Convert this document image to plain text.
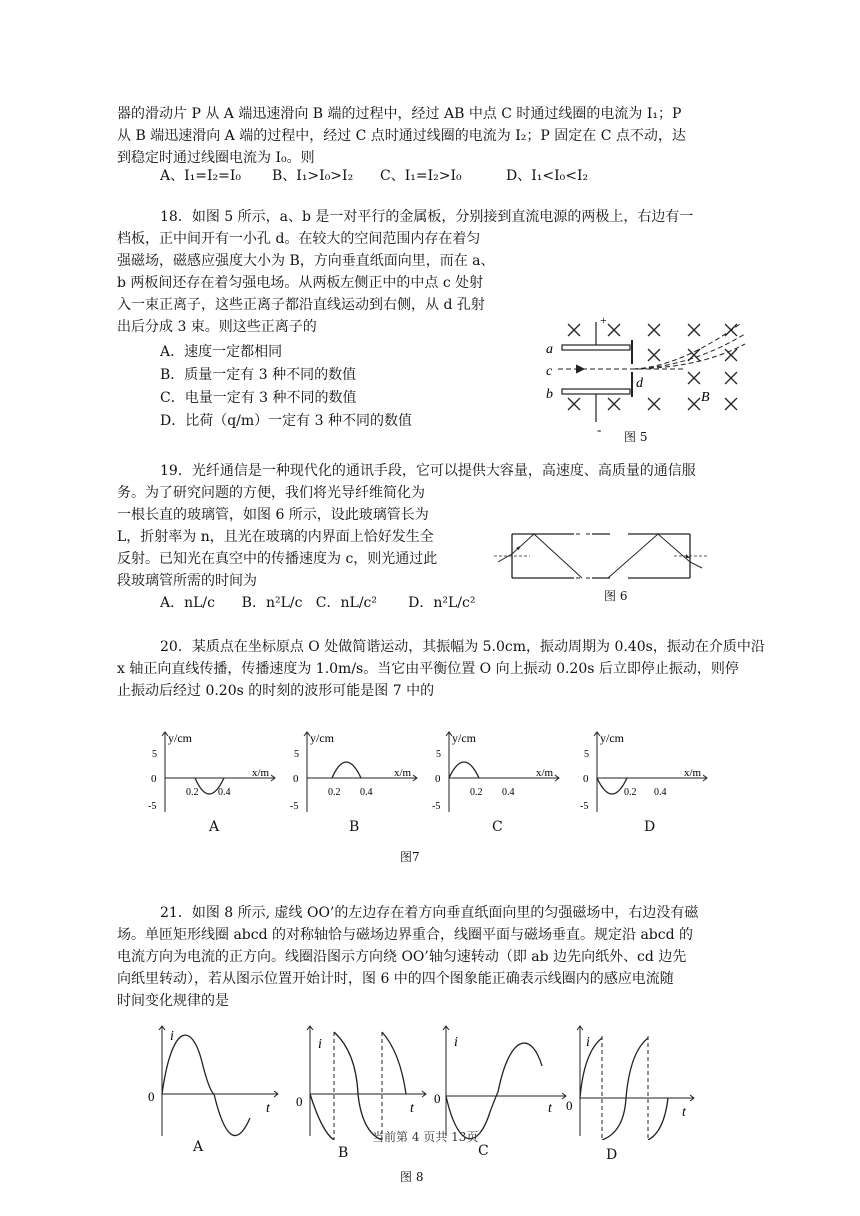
器的滑动片 P 从 A 端迅速滑向 B 端的过程中，经过 AB 中点 C 时通过线圈的电流为 I₁；P
从 B 端迅速滑向 A 端的过程中，经过 C 点时通过线圈的电流为 I₂；P 固定在 C 点不动，达
到稳定时通过线圈电流为 I₀。则
A、I₁=I₂=I₀ B、I₁>I₀>I₂ C、I₁=I₂>I₀	D、I₁<I₀<I₂
18．如图 5 所示，a、b 是一对平行的金属板，分别接到直流电源的两极上，右边有一
档板，正中间开有一小孔 d。在较大的空间范围内存在着匀
强磁场，磁感应强度大小为 B，方向垂直纸面向里，而在 a、
b 两板间还存在着匀强电场。从两板左侧正中的中点 c 处射
入一束正离子，这些正离子都沿直线运动到右侧，从 d 孔射
出后分成 3 束。则这些正离子的
A．速度一定都相同
B．质量一定有 3 种不同的数值
C．电量一定有 3 种不同的数值
D．比荷（q/m）一定有 3 种不同的数值
+
-
a
c
b
d
B
图 5
19．光纤通信是一种现代化的通讯手段，它可以提供大容量，高速度、高质量的通信服
务。为了研究问题的方便，我们将光导纤维简化为
一根长直的玻璃管，如图 6 所示，设此玻璃管长为
L，折射率为 n，且光在玻璃的内界面上恰好发生全
反射。已知光在真空中的传播速度为 c，则光通过此
段玻璃管所需的时间为
A．nL/c      B．n²L/c   C．nL/c²       D．n²L/c²	图 6
20．某质点在坐标原点 O 处做简谐运动，其振幅为 5.0cm，振动周期为 0.40s，振动在介质中沿
x 轴正向直线传播，传播速度为 1.0m/s。当它由平衡位置 O 向上振动 0.20s 后立即停止振动，则停
止振动后经过 0.20s 的时刻的波形可能是图 7 中的
y/cm
x/m
5
0
-5
0.2 0.4
A
y/cm
x/m
5
0
-5
0.2 0.4
B
y/cm
x/m
5
0
-5
0.2 0.4
C
y/cm
x/m
5
0
-5
0.2 0.4
D
图7
21．如图 8 所示, 虚线 OO’的左边存在着方向垂直纸面向里的匀强磁场中，右边没有磁
场。单匝矩形线圈 abcd 的对称轴恰与磁场边界重合，线圈平面与磁场垂直。规定沿 abcd 的
电流方向为电流的正方向。线圈沿图示方向绕 OO’轴匀速转动（即 ab 边先向纸外、cd 边先
向纸里转动），若从图示位置开始计时，图 6 中的四个图象能正确表示线圈内的感应电流随
时间变化规律的是
i
t
0
A
i
t
0
B
i
t
0
C
i
t
0
D
当前第 4 页共 13页
图 8
